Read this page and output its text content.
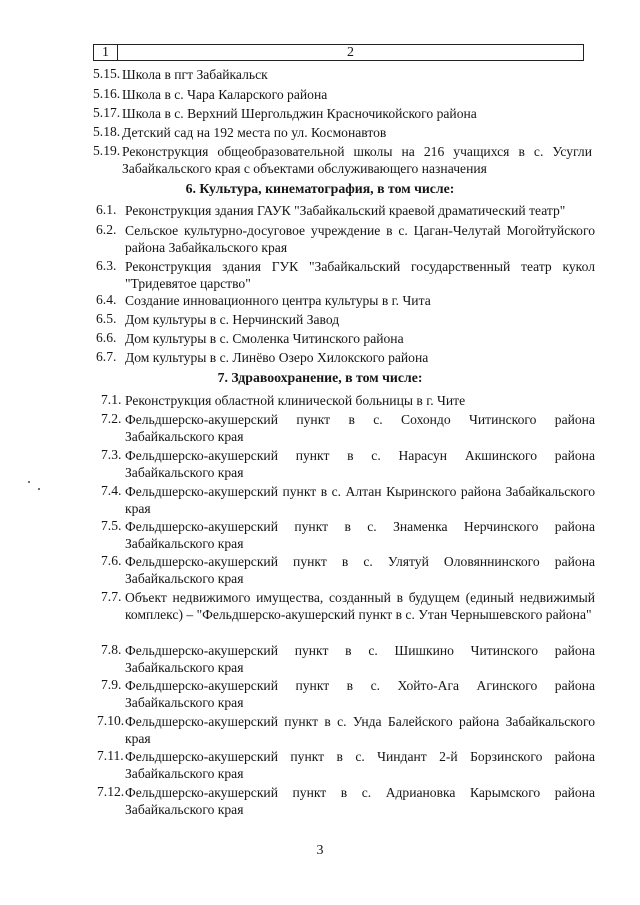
1	2
5.15. Школа в пгт Забайкальск
5.16. Школа в с. Чара Каларского района
5.17. Школа в с. Верхний Шергольджин Красночикойского района
5.18. Детский сад на 192 места по ул. Космонавтов
5.19. Реконструкция общеобразовательной школы на 216 учащихся в с. Усугли Забайкальского края с объектами обслуживающего назначения
6. Культура, кинематография, в том числе:
6.1. Реконструкция здания ГАУК "Забайкальский краевой драматический театр"
6.2. Сельское культурно-досуговое учреждение в с. Цаган-Челутай Могойтуйского района Забайкальского края
6.3. Реконструкция здания ГУК "Забайкальский государственный театр кукол "Тридевятое царство"
6.4. Создание инновационного центра культуры в г. Чита
6.5. Дом культуры в с. Нерчинский Завод
6.6. Дом культуры в с. Смоленка Читинского района
6.7. Дом культуры в с. Линёво Озеро Хилокского района
7. Здравоохранение, в том числе:
7.1. Реконструкция областной клинической больницы в г. Чите
7.2. Фельдшерско-акушерский пункт в с. Сохондо Читинского района Забайкальского края
7.3. Фельдшерско-акушерский пункт в с. Нарасун Акшинского района Забайкальского края
7.4. Фельдшерско-акушерский пункт в с. Алтан Кыринского района Забайкальского края
7.5. Фельдшерско-акушерский пункт в с. Знаменка Нерчинского района Забайкальского края
7.6. Фельдшерско-акушерский пункт в с. Улятуй Оловяннинского района Забайкальского края
7.7. Объект недвижимого имущества, созданный в будущем (единый недвижимый комплекс) – "Фельдшерско-акушерский пункт в с. Утан Чернышевского района"
7.8. Фельдшерско-акушерский пункт в с. Шишкино Читинского района Забайкальского края
7.9. Фельдшерско-акушерский пункт в с. Хойто-Ага Агинского района Забайкальского края
7.10. Фельдшерско-акушерский пункт в с. Унда Балейского района Забайкальского края
7.11. Фельдшерско-акушерский пункт в с. Чиндант 2-й Борзинского района Забайкальского края
7.12. Фельдшерско-акушерский пункт в с. Адриановка Карымского района Забайкальского края
3
